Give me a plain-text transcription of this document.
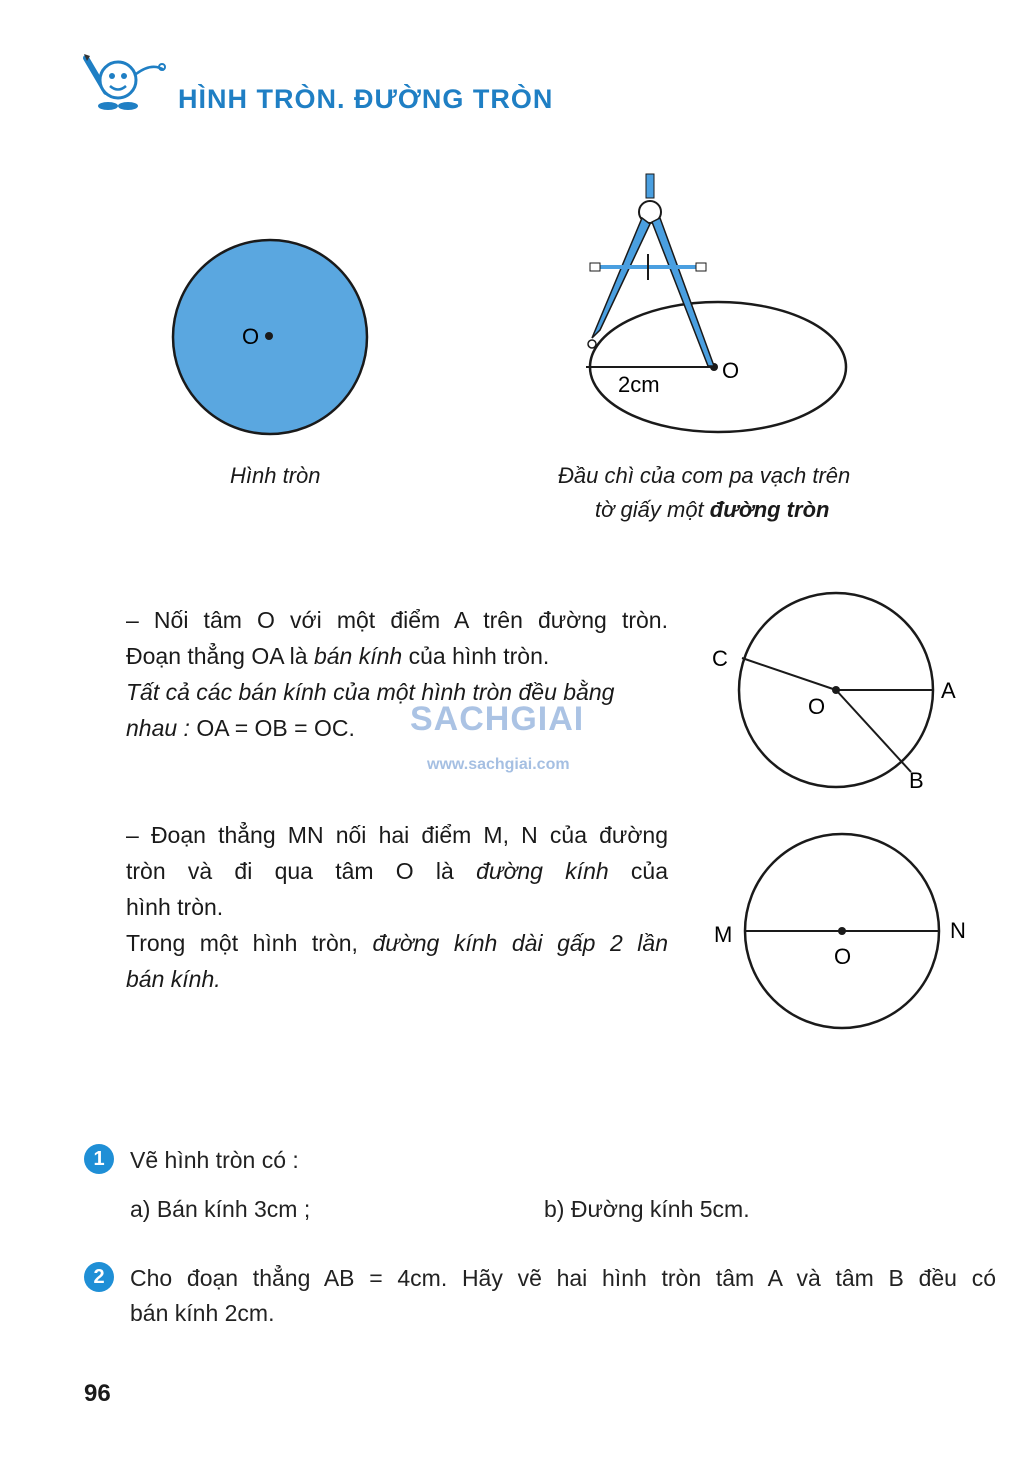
HÌNH TRÒN. ĐƯỜNG TRÒN
O
Hình tròn
O
2cm
Đầu chì của com pa vạch trên
tờ giấy một đường tròn
– Nối tâm O với một điểm A trên đường tròn.
Đoạn thẳng OA là bán kính của hình tròn.
Tất cả các bán kính của một hình tròn đều bằng
nhau : OA = OB = OC.
O
A
B
C
SACHGIAI
www.sachgiai.com
– Đoạn thẳng MN nối hai điểm M, N của đường
tròn và đi qua tâm O là đường kính của
hình tròn.
Trong một hình tròn, đường kính dài gấp 2 lần
bán kính.
O
M	N
1	Vẽ hình tròn có :
a) Bán kính 3cm ;	b) Đường kính 5cm.
2	Cho đoạn thẳng AB = 4cm. Hãy vẽ hai hình tròn tâm A và tâm B đều có
bán kính 2cm.
96
